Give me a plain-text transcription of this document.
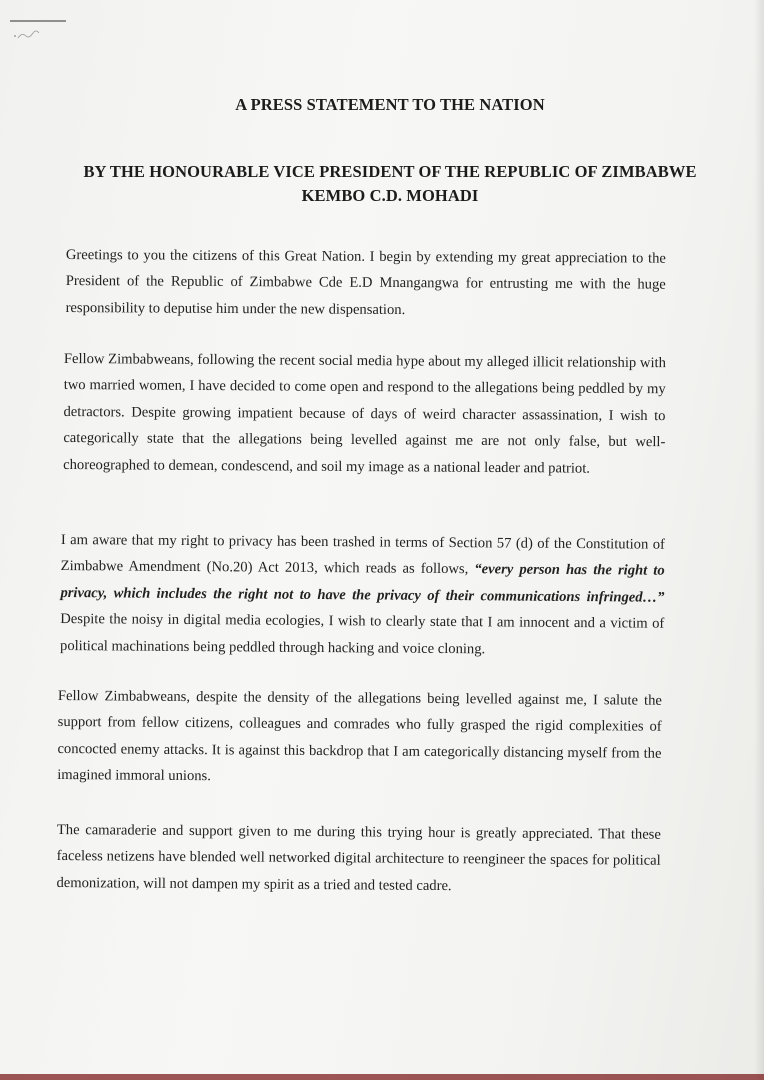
A PRESS STATEMENT TO THE NATION
BY THE HONOURABLE VICE PRESIDENT OF THE REPUBLIC OF ZIMBABWE KEMBO C.D. MOHADI

Greetings to you the citizens of this Great Nation. I begin by extending my great appreciation to the President of the Republic of Zimbabwe Cde E.D Mnangangwa for entrusting me with the huge responsibility to deputise him under the new dispensation.

Fellow Zimbabweans, following the recent social media hype about my alleged illicit relationship with two married women, I have decided to come open and respond to the allegations being peddled by my detractors. Despite growing impatient because of days of weird character assassination, I wish to categorically state that the allegations being levelled against me are not only false, but well-choreographed to demean, condescend, and soil my image as a national leader and patriot.

I am aware that my right to privacy has been trashed in terms of Section 57 (d) of the Constitution of Zimbabwe Amendment (No.20) Act 2013, which reads as follows, “every person has the right to privacy, which includes the right not to have the privacy of their communications infringed…” Despite the noisy in digital media ecologies, I wish to clearly state that I am innocent and a victim of political machinations being peddled through hacking and voice cloning.

Fellow Zimbabweans, despite the density of the allegations being levelled against me, I salute the support from fellow citizens, colleagues and comrades who fully grasped the rigid complexities of concocted enemy attacks. It is against this backdrop that I am categorically distancing myself from the imagined immoral unions.

The camaraderie and support given to me during this trying hour is greatly appreciated. That these faceless netizens have blended well networked digital architecture to reengineer the spaces for political demonization, will not dampen my spirit as a tried and tested cadre.
